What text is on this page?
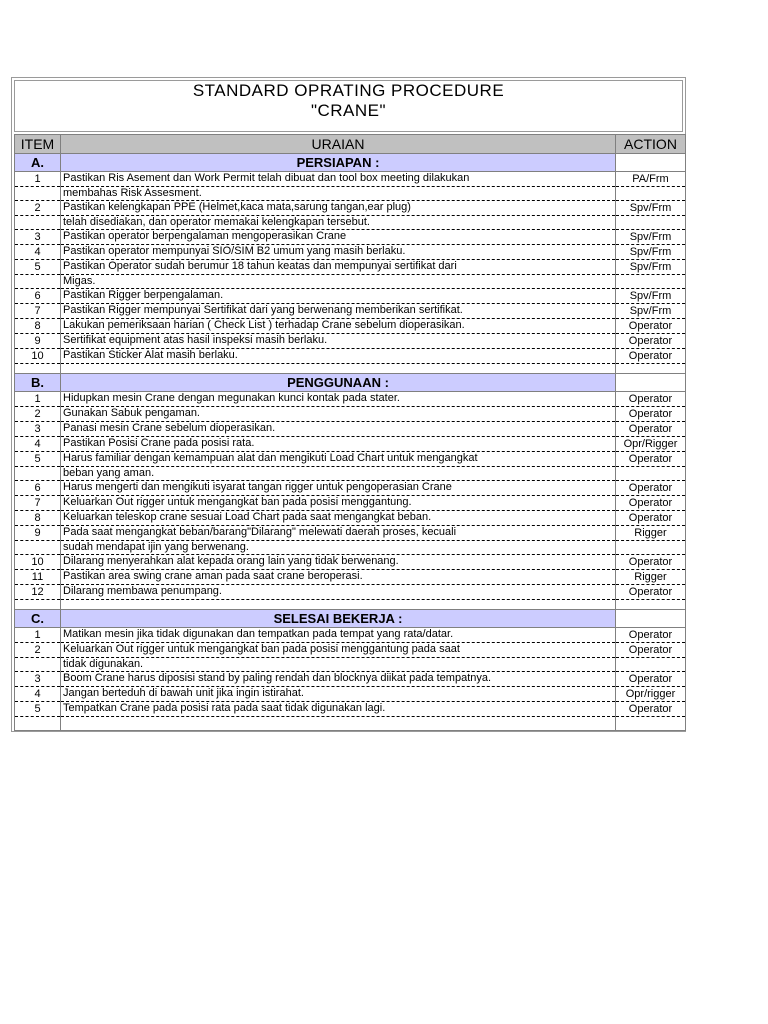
STANDARD OPRATING PROCEDURE
"CRANE"
ITEM	URAIAN	ACTION
A.	PERSIAPAN :	
1	Pastikan Ris Asement dan Work Permit telah dibuat dan tool box meeting dilakukan	PA/Frm
	membahas Risk Assesment.	
2	Pastikan kelengkapan PPE (Helmet,kaca mata,sarung tangan,ear plug)	Spv/Frm
	telah disediakan, dan operator memakai kelengkapan tersebut.	
3	Pastikan operator berpengalaman mengoperasikan Crane	Spv/Frm
4	Pastikan operator mempunyai SIO/SIM B2 umum yang masih berlaku.	Spv/Frm
5	Pastikan Operator sudah berumur 18 tahun keatas dan mempunyai sertifikat dari	Spv/Frm
	Migas.	
6	Pastikan Rigger berpengalaman.	Spv/Frm
7	Pastikan Rigger mempunyai Sertifikat dari yang berwenang memberikan sertifikat.	Spv/Frm
8	Lakukan pemeriksaan harian ( Check List ) terhadap Crane sebelum dioperasikan.	Operator
9	Sertifikat equipment atas hasil inspeksi masih berlaku.	Operator
10	Pastikan Sticker Alat masih berlaku.	Operator

B.	PENGGUNAAN :	
1	Hidupkan mesin Crane dengan megunakan kunci kontak pada stater.	Operator
2	Gunakan Sabuk pengaman.	Operator
3	Panasi mesin Crane sebelum dioperasikan.	Operator
4	Pastikan Posisi Crane pada posisi rata.	Opr/Rigger
5	Harus familiar dengan kemampuan alat dan mengikuti Load Chart untuk mengangkat	Operator
	beban yang aman.	
6	Harus mengerti dan mengikuti isyarat tangan rigger untuk pengoperasian Crane	Operator
7	Keluarkan Out rigger untuk mengangkat ban pada posisi menggantung.	Operator
8	Keluarkan teleskop crane sesuai Load Chart pada saat mengangkat beban.	Operator
9	Pada saat mengangkat beban/barang"Dilarang" melewati daerah proses, kecuali	Rigger
	sudah mendapat ijin yang berwenang.	
10	Dilarang menyerahkan alat kepada orang lain yang tidak berwenang.	Operator
11	Pastikan area swing crane aman pada saat crane beroperasi.	Rigger
12	Dilarang membawa penumpang.	Operator

C.	SELESAI BEKERJA :	
1	Matikan mesin jika tidak digunakan dan tempatkan pada tempat yang rata/datar.	Operator
2	Keluarkan Out rigger untuk mengangkat ban pada posisi menggantung pada saat	Operator
	tidak digunakan.	
3	Boom Crane harus diposisi stand by paling rendah dan blocknya diikat pada tempatnya.	Operator
4	Jangan berteduh di bawah unit jika ingin istirahat.	Opr/rigger
5	Tempatkan Crane pada posisi rata pada saat tidak digunakan lagi.	Operator
